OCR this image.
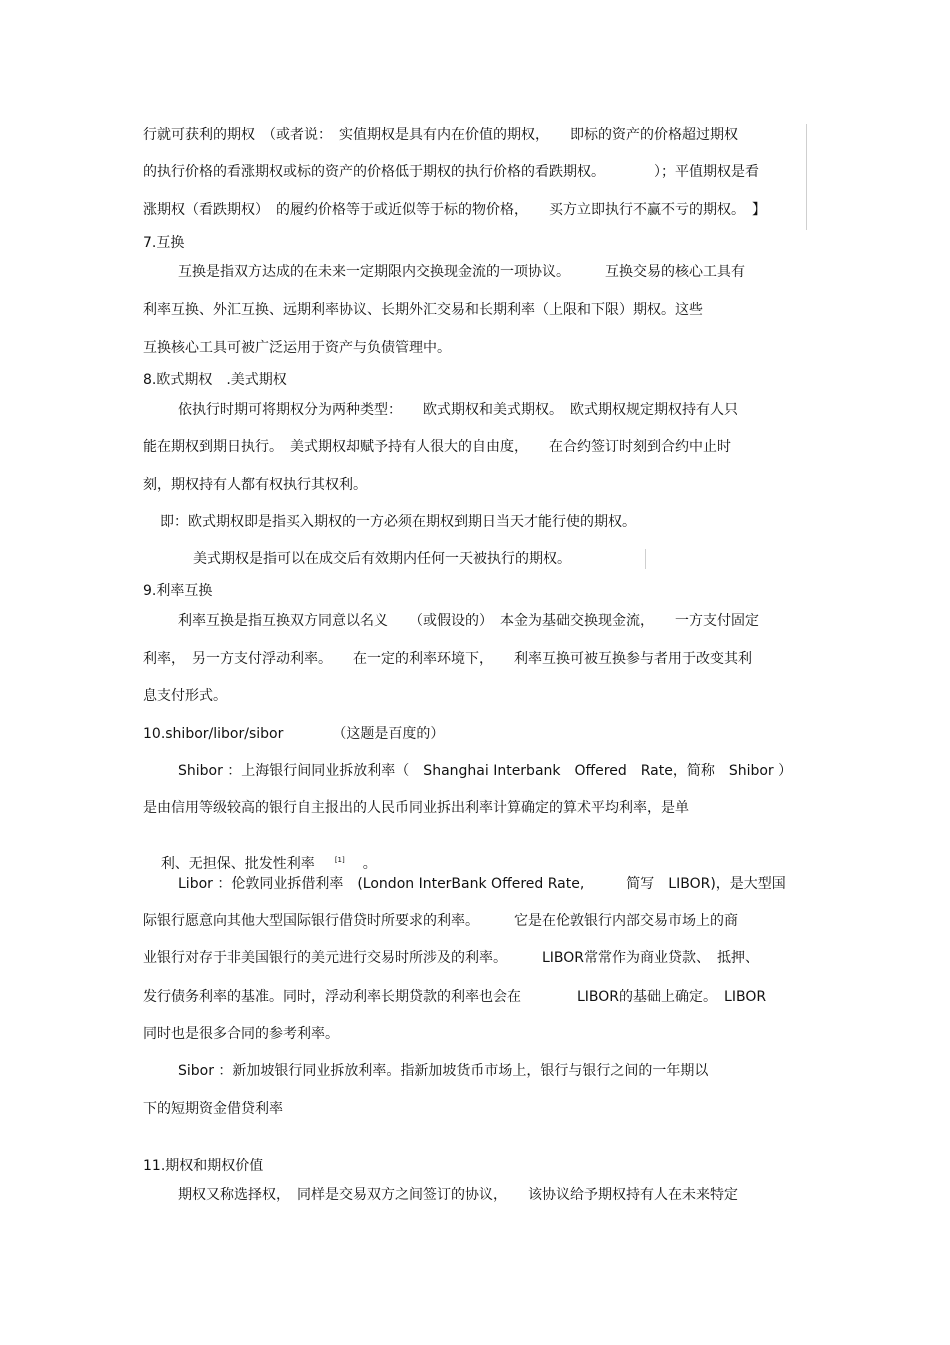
行就可获利的期权　（或者说：　实值期权是具有内在价值的期权，　　即标的资产的价格超过期权
的执行价格的看涨期权或标的资产的价格低于期权的执行价格的看跌期权。　　　　）；平值期权是看
涨期权（看跌期权）　的履约价格等于或近似等于标的物价格，　　买方立即执行不赢不亏的期权。　】
7.互换
互换是指双方达成的在未来一定期限内交换现金流的一项协议。　　　互换交易的核心工具有
利率互换、外汇互换、远期利率协议、长期外汇交易和长期利率（上限和下限）期权。这些
互换核心工具可被广泛运用于资产与负债管理中。
8.欧式期权　.美式期权
依执行时期可将期权分为两种类型：　　欧式期权和美式期权。　欧式期权规定期权持有人只
能在期权到期日执行。　美式期权却赋予持有人很大的自由度，　　在合约签订时刻到合约中止时
刻，期权持有人都有权执行其权利。
即：欧式期权即是指买入期权的一方必须在期权到期日当天才能行使的期权。
美式期权是指可以在成交后有效期内任何一天被执行的期权。
9.利率互换
利率互换是指互换双方同意以名义　　（或假设的）　本金为基础交换现金流，　　一方支付固定
利率，　另一方支付浮动利率。　　在一定的利率环境下，　　利率互换可被互换参与者用于改变其利
息支付形式。
10.shibor/libor/sibor　　　　（这题是百度的）
Shibor ：上海银行间同业拆放利率（　Shanghai Interbank　Offered　Rate，简称　Shibor ）
是由信用等级较高的银行自主报出的人民币同业拆出利率计算确定的算术平均利率，是单

利、无担保、批发性利率	[1]　。

Libor ：伦敦同业拆借利率　(London InterBank Offered Rate,　　　简写　LIBOR)，是大型国
际银行愿意向其他大型国际银行借贷时所要求的利率。　　　它是在伦敦银行内部交易市场上的商
业银行对存于非美国银行的美元进行交易时所涉及的利率。　　　LIBOR常常作为商业贷款、　抵押、
发行债务利率的基准。同时，浮动利率长期贷款的利率也会在　　　　LIBOR的基础上确定。　LIBOR
同时也是很多合同的参考利率。
Sibor ：新加坡银行同业拆放利率。指新加坡货币市场上，银行与银行之间的一年期以
下的短期资金借贷利率
11.期权和期权价值
期权又称选择权，　同样是交易双方之间签订的协议，　　该协议给予期权持有人在未来特定
